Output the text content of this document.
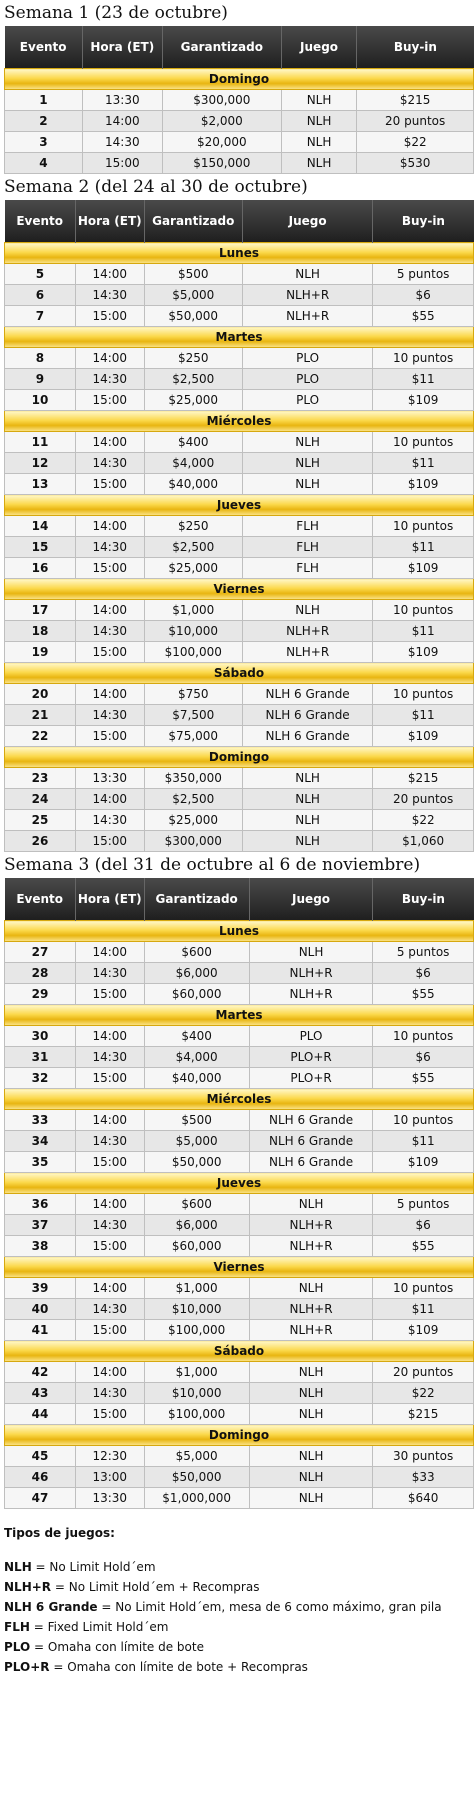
Semana 1 (23 de octubre)
Evento	Hora (ET)	Garantizado	Juego	Buy-in
Domingo				
1	13:30	$300,000	NLH	$215
2	14:00	$2,000	NLH	20 puntos
3	14:30	$20,000	NLH	$22
4	15:00	$150,000	NLH	$530
Semana 2 (del 24 al 30 de octubre)
Evento	Hora (ET)	Garantizado	Juego	Buy-in
Lunes				
5	14:00	$500	NLH	5 puntos
6	14:30	$5,000	NLH+R	$6
7	15:00	$50,000	NLH+R	$55
Martes				
8	14:00	$250	PLO	10 puntos
9	14:30	$2,500	PLO	$11
10	15:00	$25,000	PLO	$109
Miércoles				
11	14:00	$400	NLH	10 puntos
12	14:30	$4,000	NLH	$11
13	15:00	$40,000	NLH	$109
Jueves				
14	14:00	$250	FLH	10 puntos
15	14:30	$2,500	FLH	$11
16	15:00	$25,000	FLH	$109
Viernes				
17	14:00	$1,000	NLH	10 puntos
18	14:30	$10,000	NLH+R	$11
19	15:00	$100,000	NLH+R	$109
Sábado				
20	14:00	$750	NLH 6 Grande	10 puntos
21	14:30	$7,500	NLH 6 Grande	$11
22	15:00	$75,000	NLH 6 Grande	$109
Domingo				
23	13:30	$350,000	NLH	$215
24	14:00	$2,500	NLH	20 puntos
25	14:30	$25,000	NLH	$22
26	15:00	$300,000	NLH	$1,060
Semana 3 (del 31 de octubre al 6 de noviembre)
Evento	Hora (ET)	Garantizado	Juego	Buy-in
Lunes				
27	14:00	$600	NLH	5 puntos
28	14:30	$6,000	NLH+R	$6
29	15:00	$60,000	NLH+R	$55
Martes				
30	14:00	$400	PLO	10 puntos
31	14:30	$4,000	PLO+R	$6
32	15:00	$40,000	PLO+R	$55
Miércoles				
33	14:00	$500	NLH 6 Grande	10 puntos
34	14:30	$5,000	NLH 6 Grande	$11
35	15:00	$50,000	NLH 6 Grande	$109
Jueves				
36	14:00	$600	NLH	5 puntos
37	14:30	$6,000	NLH+R	$6
38	15:00	$60,000	NLH+R	$55
Viernes				
39	14:00	$1,000	NLH	10 puntos
40	14:30	$10,000	NLH+R	$11
41	15:00	$100,000	NLH+R	$109
Sábado				
42	14:00	$1,000	NLH	20 puntos
43	14:30	$10,000	NLH	$22
44	15:00	$100,000	NLH	$215
Domingo				
45	12:30	$5,000	NLH	30 puntos
46	13:00	$50,000	NLH	$33
47	13:30	$1,000,000	NLH	$640
Tipos de juegos:
NLH = No Limit Hold´em
NLH+R = No Limit Hold´em + Recompras
NLH 6 Grande = No Limit Hold´em, mesa de 6 como máximo, gran pila
FLH = Fixed Limit Hold´em
PLO = Omaha con límite de bote
PLO+R = Omaha con límite de bote + Recompras
